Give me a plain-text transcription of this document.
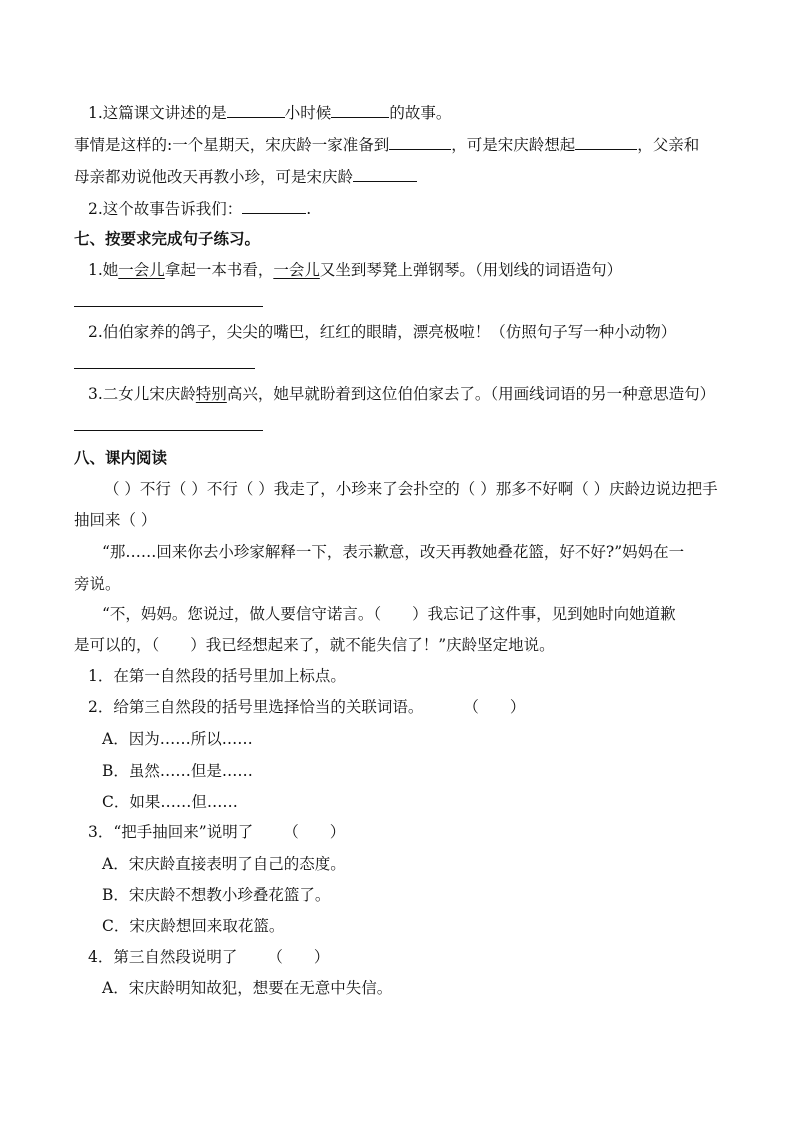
1.这篇课文讲述的是	小时候	的故事。
事情是这样的:一个星期天，宋庆龄一家准备到	，可是宋庆龄想起	，父亲和
母亲都劝说他改天再教小珍，可是宋庆龄
2.这个故事告诉我们：	.
七、按要求完成句子练习。
1.她一会儿拿起一本书看，一会儿又坐到琴凳上弹钢琴。（用划线的词语造句）
2.伯伯家养的鸽子，尖尖的嘴巴，红红的眼睛，漂亮极啦！（仿照句子写一种小动物）
3.二女儿宋庆龄特别高兴，她早就盼着到这位伯伯家去了。（用画线词语的另一种意思造句）
八、课内阅读
（ ）不行（ ）不行（ ）我走了，小珍来了会扑空的（ ）那多不好啊（ ）庆龄边说边把手
抽回来（ ）
“那……回来你去小珍家解释一下，表示歉意，改天再教她叠花篮，好不好?”妈妈在一
旁说。
“不，妈妈。您说过，做人要信守诺言。（　　）我忘记了这件事，见到她时向她道歉
是可以的，（　　）我已经想起来了，就不能失信了！”庆龄坚定地说。
1．在第一自然段的括号里加上标点。
2．给第三自然段的括号里选择恰当的关联词语。	（　　）
A．因为……所以……
B．虽然……但是……
C．如果……但……
3．“把手抽回来”说明了 （　　）
A．宋庆龄直接表明了自己的态度。
B．宋庆龄不想教小珍叠花篮了。
C．宋庆龄想回来取花篮。
4．第三自然段说明了 （　　）
A．宋庆龄明知故犯，想要在无意中失信。
